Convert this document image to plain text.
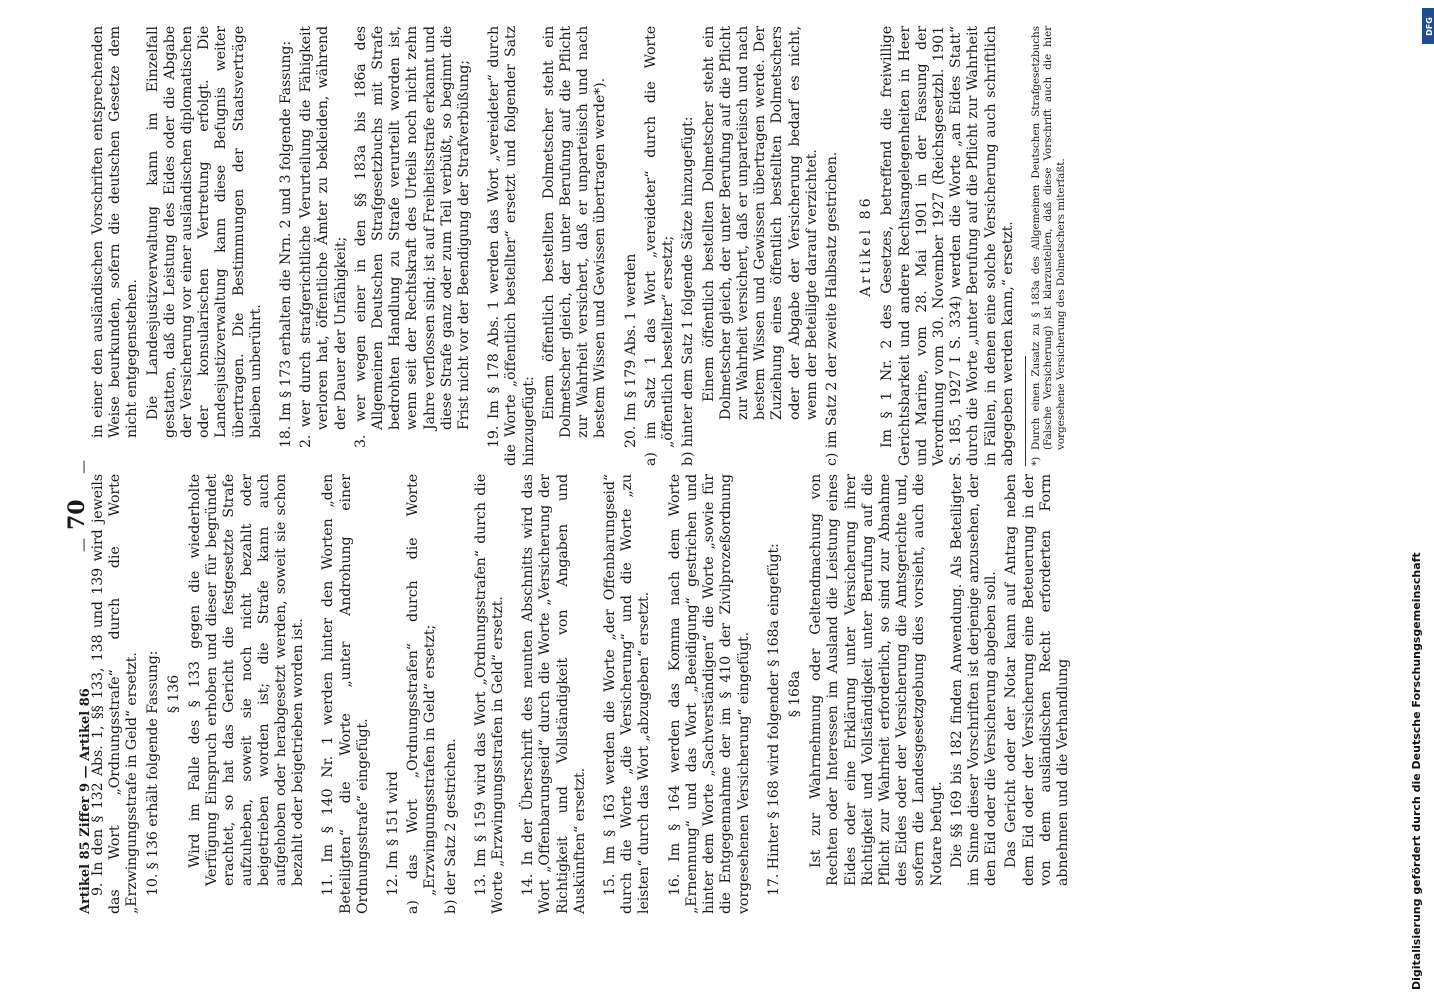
Artikel 85 Ziffer 9 — Artikel 86
—
70
—

9. In den § 132 Abs. 1, §§ 133, 138 und 139 wird jeweils das Wort „Ordnungsstrafe“ durch die Worte „Erzwingungsstrafe in Geld“ ersetzt. 10. § 136 erhält folgende Fassung: § 136 Wird im Falle des § 133 gegen die wiederholte Verfügung Einspruch erhoben und dieser für begründet erachtet, so hat das Gericht die festgesetzte Strafe aufzuheben, soweit sie noch nicht bezahlt oder beigetrieben worden ist; die Strafe kann auch aufgehoben oder herabgesetzt werden, soweit sie schon bezahlt oder beigetrieben worden ist. 11. Im § 140 Nr. 1 werden hinter den Worten „den Beteiligten“ die Worte „unter Androhung einer Ordnungsstrafe“ eingefügt. 12. Im § 151 wird a) das Wort „Ordnungsstrafen“ durch die Worte „Erzwingungsstrafen in Geld“ ersetzt; b) der Satz 2 gestrichen. 13. Im § 159 wird das Wort „Ordnungsstrafen“ durch die Worte „Erzwingungsstrafen in Geld“ ersetzt. 14. In der Überschrift des neunten Abschnitts wird das Wort „Offenbarungseid“ durch die Worte „Versicherung der Richtigkeit und Vollständigkeit von Angaben und Auskünften“ ersetzt. 15. Im § 163 werden die Worte „der Offenbarungseid“ durch die Worte „die Versicherung“ und die Worte „zu leisten“ durch das Wort „abzugeben“ ersetzt. 16. Im § 164 werden das Komma nach dem Worte „Ernennung“ und das Wort „Beeidigung“ gestrichen und hinter dem Worte „Sachverständigen“ die Worte „sowie für die Entgegennahme der im § 410 der Zivilprozeßordnung vorgesehenen Versicherung“ eingefügt. 17. Hinter § 168 wird folgender § 168a eingefügt: § 168a Ist zur Wahrnehmung oder Geltendmachung von Rechten oder Interessen im Ausland die Leistung eines Eides oder eine Erklärung unter Versicherung ihrer Richtigkeit und Vollständigkeit unter Berufung auf die Pflicht zur Wahrheit erforderlich, so sind zur Abnahme des Eides oder der Versicherung die Amtsgerichte und, sofern die Landesgesetzgebung dies vorsieht, auch die Notare befugt. Die §§ 169 bis 182 finden Anwendung. Als Beteiligter im Sinne dieser Vorschriften ist derjenige anzusehen, der den Eid oder die Versicherung abgeben soll. Das Gericht oder der Notar kann auf Antrag neben dem Eid oder der Versicherung eine Beteuerung in der von dem ausländischen Recht erforderten Form abnehmen und die Verhandlung

in einer den ausländischen Vorschriften entsprechenden Weise beurkunden, sofern die deutschen Gesetze dem nicht entgegenstehen. Die Landesjustizverwaltung kann im Einzelfall gestatten, daß die Leistung des Eides oder die Abgabe der Versicherung vor einer ausländischen diplomatischen oder konsularischen Vertretung erfolgt. Die Landesjustizverwaltung kann diese Befugnis weiter übertragen. Die Bestimmungen der Staatsverträge bleiben unberührt. 18. Im § 173 erhalten die Nrn. 2 und 3 folgende Fassung: 2. wer durch strafgerichtliche Verurteilung die Fähigkeit verloren hat, öffentliche Ämter zu bekleiden, während der Dauer der Unfähigkeit; 3. wer wegen einer in den §§ 183a bis 186a des Allgemeinen Deutschen Strafgesetzbuchs mit Strafe bedrohten Handlung zu Strafe verurteilt worden ist, wenn seit der Rechtskraft des Urteils noch nicht zehn Jahre verflossen sind; ist auf Freiheitsstrafe erkannt und diese Strafe ganz oder zum Teil verbüßt, so beginnt die Frist nicht vor der Beendigung der Strafverbüßung; 19. Im § 178 Abs. 1 werden das Wort „vereideter“ durch die Worte „öffentlich bestellter“ ersetzt und folgender Satz hinzugefügt:

Einem öffentlich bestellten Dolmetscher steht ein Dolmetscher gleich, der unter Berufung auf die Pflicht zur Wahrheit versichert, daß er unparteiisch und nach bestem Wissen und Gewissen übertragen werde*). 20. Im § 179 Abs. 1 werden a) im Satz 1 das Wort „vereideter“ durch die Worte „öffentlich bestellter“ ersetzt; b) hinter dem Satz 1 folgende Sätze hinzugefügt: Einem öffentlich bestellten Dolmetscher steht ein Dolmetscher gleich, der unter Berufung auf die Pflicht zur Wahrheit versichert, daß er unparteiisch und nach bestem Wissen und Gewissen übertragen werde. Der Zuziehung eines öffentlich bestellten Dolmetschers oder der Abgabe der Versicherung bedarf es nicht, wenn der Beteiligte darauf verzichtet. c) im Satz 2 der zweite Halbsatz gestrichen. Artikel 86 Im § 1 Nr. 2 des Gesetzes, betreffend die freiwillige Gerichtsbarkeit und andere Rechtsangelegenheiten in Heer und Marine, vom 28. Mai 1901 in der Fassung der Verordnung vom 30. November 1927 (Reichsgesetzbl. 1901 S. 185, 1927 I S. 334) werden die Worte „an Eides Statt“ durch die Worte „unter Berufung auf die Pflicht zur Wahrheit in Fällen, in denen eine solche Versicherung auch schriftlich abgegeben werden kann,“ ersetzt. *)
Durch einen Zusatz zu § 183a des Allgemeinen Deutschen Strafgesetzbuchs (Falsche Versicherung) ist klarzustellen, daß diese Vorschrift auch die hier vorgesehene Versicherung des Dolmetschers miterfaßt.

Digitalisierung gefördert durch die Deutsche Forschungsgemeinschaft
DFG
